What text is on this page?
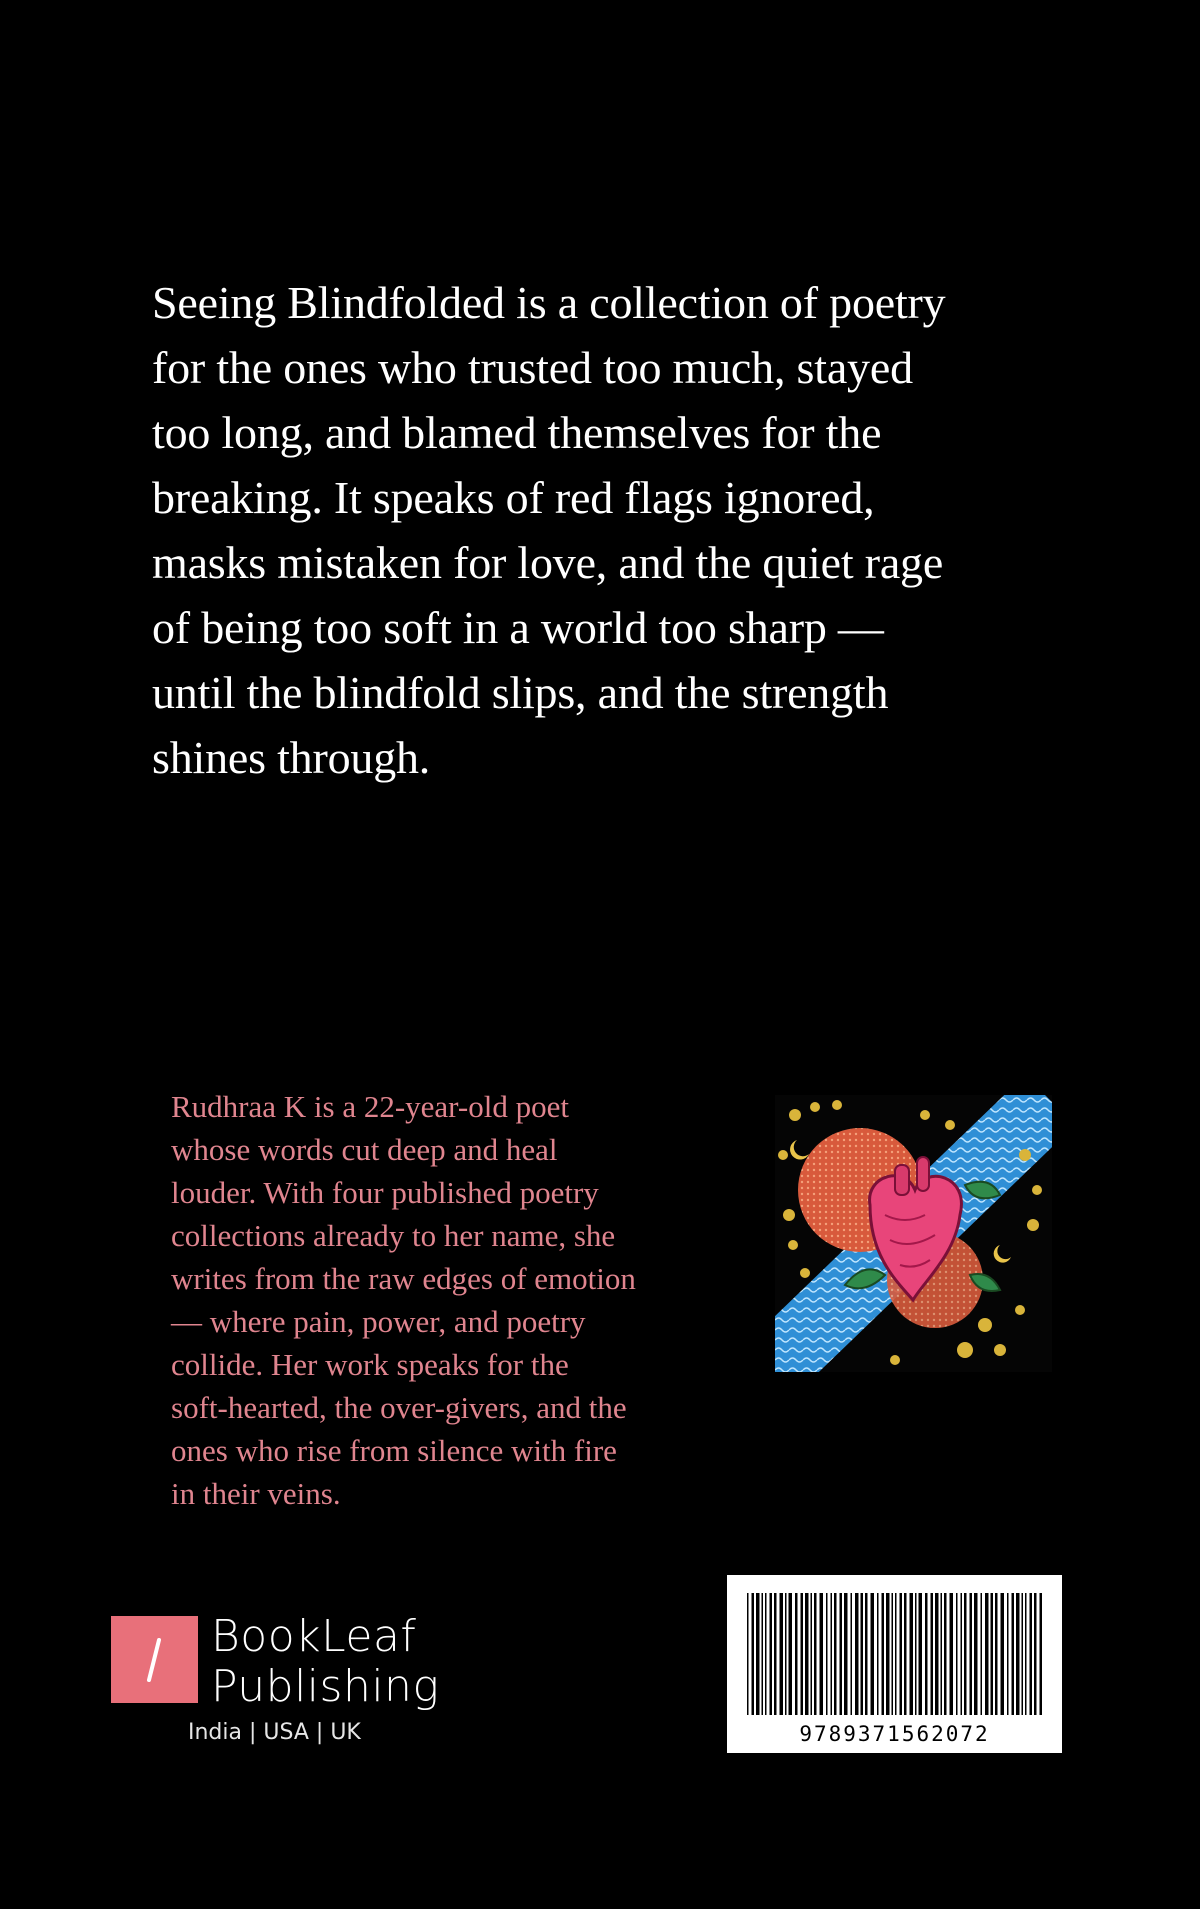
Seeing Blindfolded is a collection of poetry
for the ones who trusted too much, stayed
too long, and blamed themselves for the
breaking. It speaks of red flags ignored,
masks mistaken for love, and the quiet rage
of being too soft in a world too sharp —
until the blindfold slips, and the strength
shines through.

Rudhraa K is a 22-year-old poet
whose words cut deep and heal
louder. With four published poetry
collections already to her name, she
writes from the raw edges of emotion
— where pain, power, and poetry
collide. Her work speaks for the
soft-hearted, the over-givers, and the
ones who rise from silence with fire
in their veins.

BookLeaf
Publishing
India | USA | UK	9789371562072
